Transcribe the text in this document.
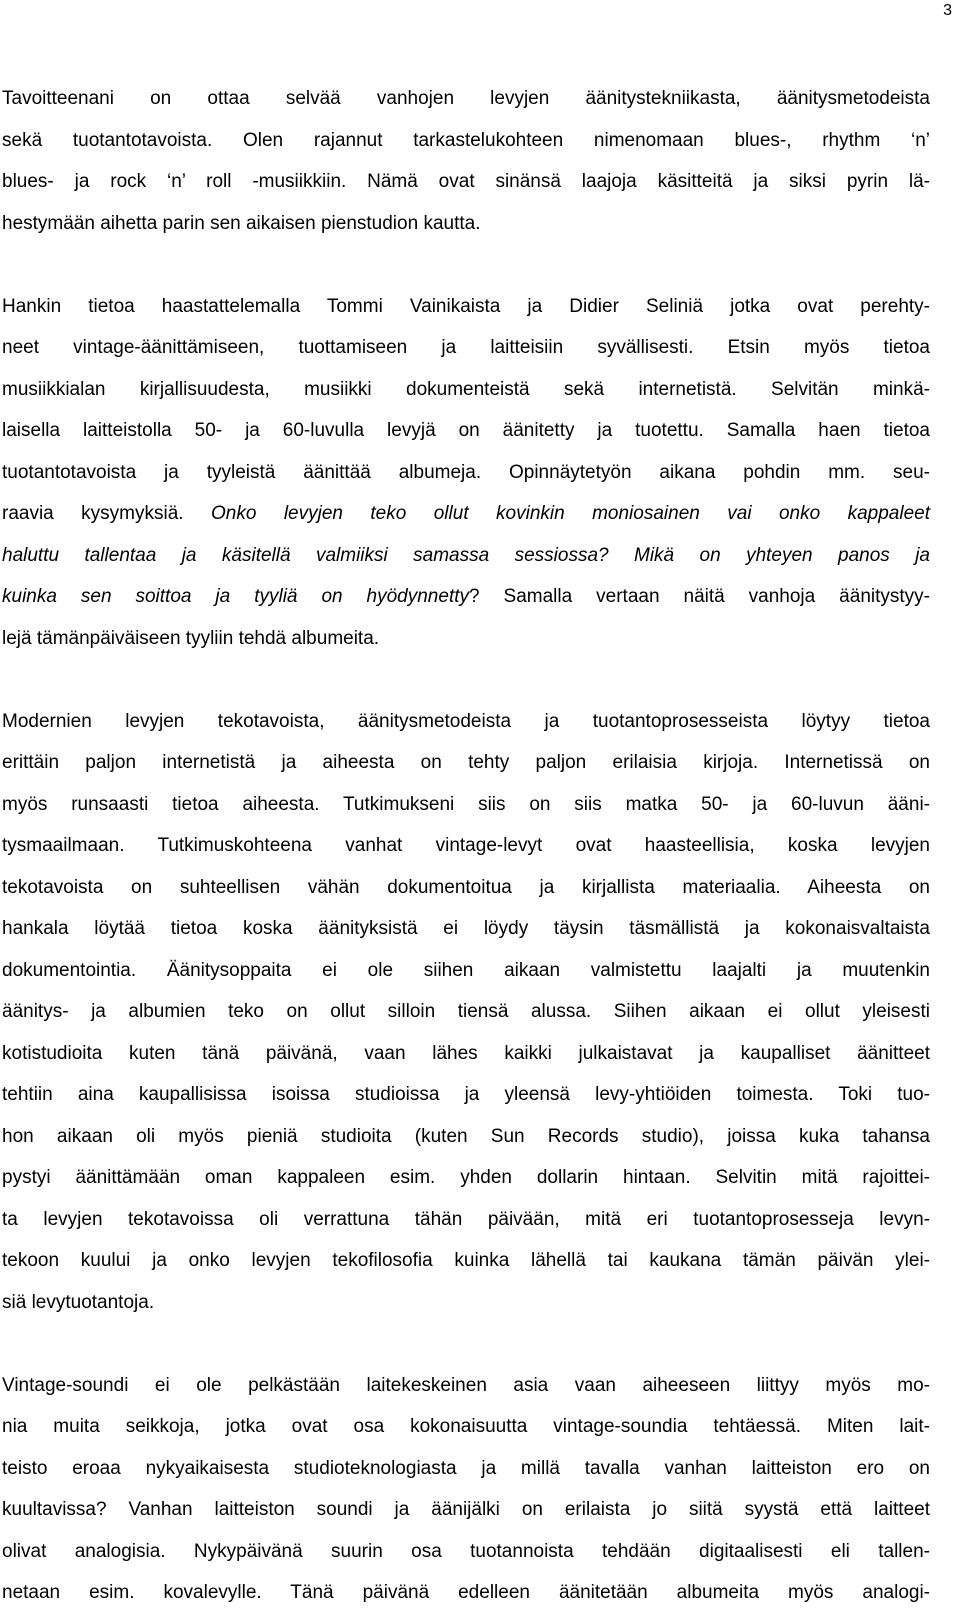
3
Tavoitteenani on ottaa selvää vanhojen levyjen äänitystekniikasta, äänitysmetodeista
sekä tuotantotavoista. Olen rajannut tarkastelukohteen nimenomaan blues-, rhythm ‘n’
blues- ja rock ‘n’ roll -musiikkiin. Nämä ovat sinänsä laajoja käsitteitä ja siksi pyrin lä-
hestymään aihetta parin sen aikaisen pienstudion kautta.
Hankin tietoa haastattelemalla Tommi Vainikaista ja Didier Seliniä jotka ovat perehty-
neet vintage-äänittämiseen, tuottamiseen ja laitteisiin syvällisesti. Etsin myös tietoa
musiikkialan kirjallisuudesta, musiikki dokumenteistä sekä internetistä. Selvitän minkä-
laisella laitteistolla 50- ja 60-luvulla levyjä on äänitetty ja tuotettu. Samalla haen tietoa
tuotantotavoista ja tyyleistä äänittää albumeja. Opinnäytetyön aikana pohdin mm. seu-
raavia kysymyksiä. Onko levyjen teko ollut kovinkin moniosainen vai onko kappaleet
haluttu tallentaa ja käsitellä valmiiksi samassa sessiossa? Mikä on yhteyen panos ja
kuinka sen soittoa ja tyyliä on hyödynnetty? Samalla vertaan näitä vanhoja äänitystyy-
lejä tämänpäiväiseen tyyliin tehdä albumeita.
Modernien levyjen tekotavoista, äänitysmetodeista ja tuotantoprosesseista löytyy tietoa
erittäin paljon internetistä ja aiheesta on tehty paljon erilaisia kirjoja. Internetissä on
myös runsaasti tietoa aiheesta. Tutkimukseni siis on siis matka 50- ja 60-luvun ääni-
tysmaailmaan. Tutkimuskohteena vanhat vintage-levyt ovat haasteellisia, koska levyjen
tekotavoista on suhteellisen vähän dokumentoitua ja kirjallista materiaalia. Aiheesta on
hankala löytää tietoa koska äänityksistä ei löydy täysin täsmällistä ja kokonaisvaltaista
dokumentointia. Äänitysoppaita ei ole siihen aikaan valmistettu laajalti ja muutenkin
äänitys- ja albumien teko on ollut silloin tiensä alussa. Siihen aikaan ei ollut yleisesti
kotistudioita kuten tänä päivänä, vaan lähes kaikki julkaistavat ja kaupalliset äänitteet
tehtiin aina kaupallisissa isoissa studioissa ja yleensä levy-yhtiöiden toimesta. Toki tuo-
hon aikaan oli myös pieniä studioita (kuten Sun Records studio), joissa kuka tahansa
pystyi äänittämään oman kappaleen esim. yhden dollarin hintaan. Selvitin mitä rajoittei-
ta levyjen tekotavoissa oli verrattuna tähän päivään, mitä eri tuotantoprosesseja levyn-
tekoon kuului ja onko levyjen tekofilosofia kuinka lähellä tai kaukana tämän päivän ylei-
siä levytuotantoja.
Vintage-soundi ei ole pelkästään laitekeskeinen asia vaan aiheeseen liittyy myös mo-
nia muita seikkoja, jotka ovat osa kokonaisuutta vintage-soundia tehtäessä. Miten lait-
teisto eroaa nykyaikaisesta studioteknologiasta ja millä tavalla vanhan laitteiston ero on
kuultavissa? Vanhan laitteiston soundi ja äänijälki on erilaista jo siitä syystä että laitteet
olivat analogisia. Nykypäivänä suurin osa tuotannoista tehdään digitaalisesti eli tallen-
netaan esim. kovalevylle. Tänä päivänä edelleen äänitetään albumeita myös analogi-
